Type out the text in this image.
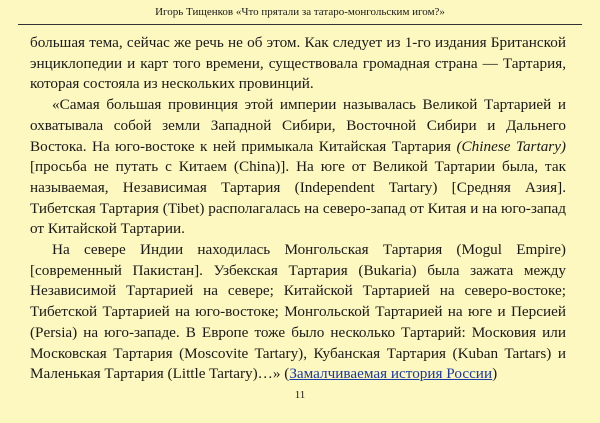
Игорь Тищенков «Что прятали за татаро-монгольским игом?»

большая тема, сейчас же речь не об этом. Как следует из 1-го издания Британской энциклопедии и карт того времени, существовала громадная страна — Тартария, которая состояла из нескольких провинций.

«Самая большая провинция этой империи называлась Великой Тартарией и охватывала собой земли Западной Сибири, Восточной Сибири и Дальнего Востока. На юго-востоке к ней примыкала Китайская Тартария (Chinese Tartary) [просьба не путать с Китаем (China)]. На юге от Великой Тартарии была, так называемая, Независимая Тартария (Independent Tartary) [Средняя Азия]. Тибетская Тартария (Tibet) располагалась на северо-запад от Китая и на юго-запад от Китайской Тартарии.

На севере Индии находилась Монгольская Тартария (Mogul Empire) [современный Пакистан]. Узбекская Тартария (Bukaria) была зажата между Независимой Тартарией на севере; Китайской Тартарией на северо-востоке; Тибетской Тартарией на юго-востоке; Монгольской Тартарией на юге и Персией (Persia) на юго-западе. В Европе тоже было несколько Тартарий: Московия или Московская Тартария (Moscovite Tartary), Кубанская Тартария (Kuban Tartars) и Маленькая Тартария (Little Tartary)…» (Замалчиваемая история России)

11
